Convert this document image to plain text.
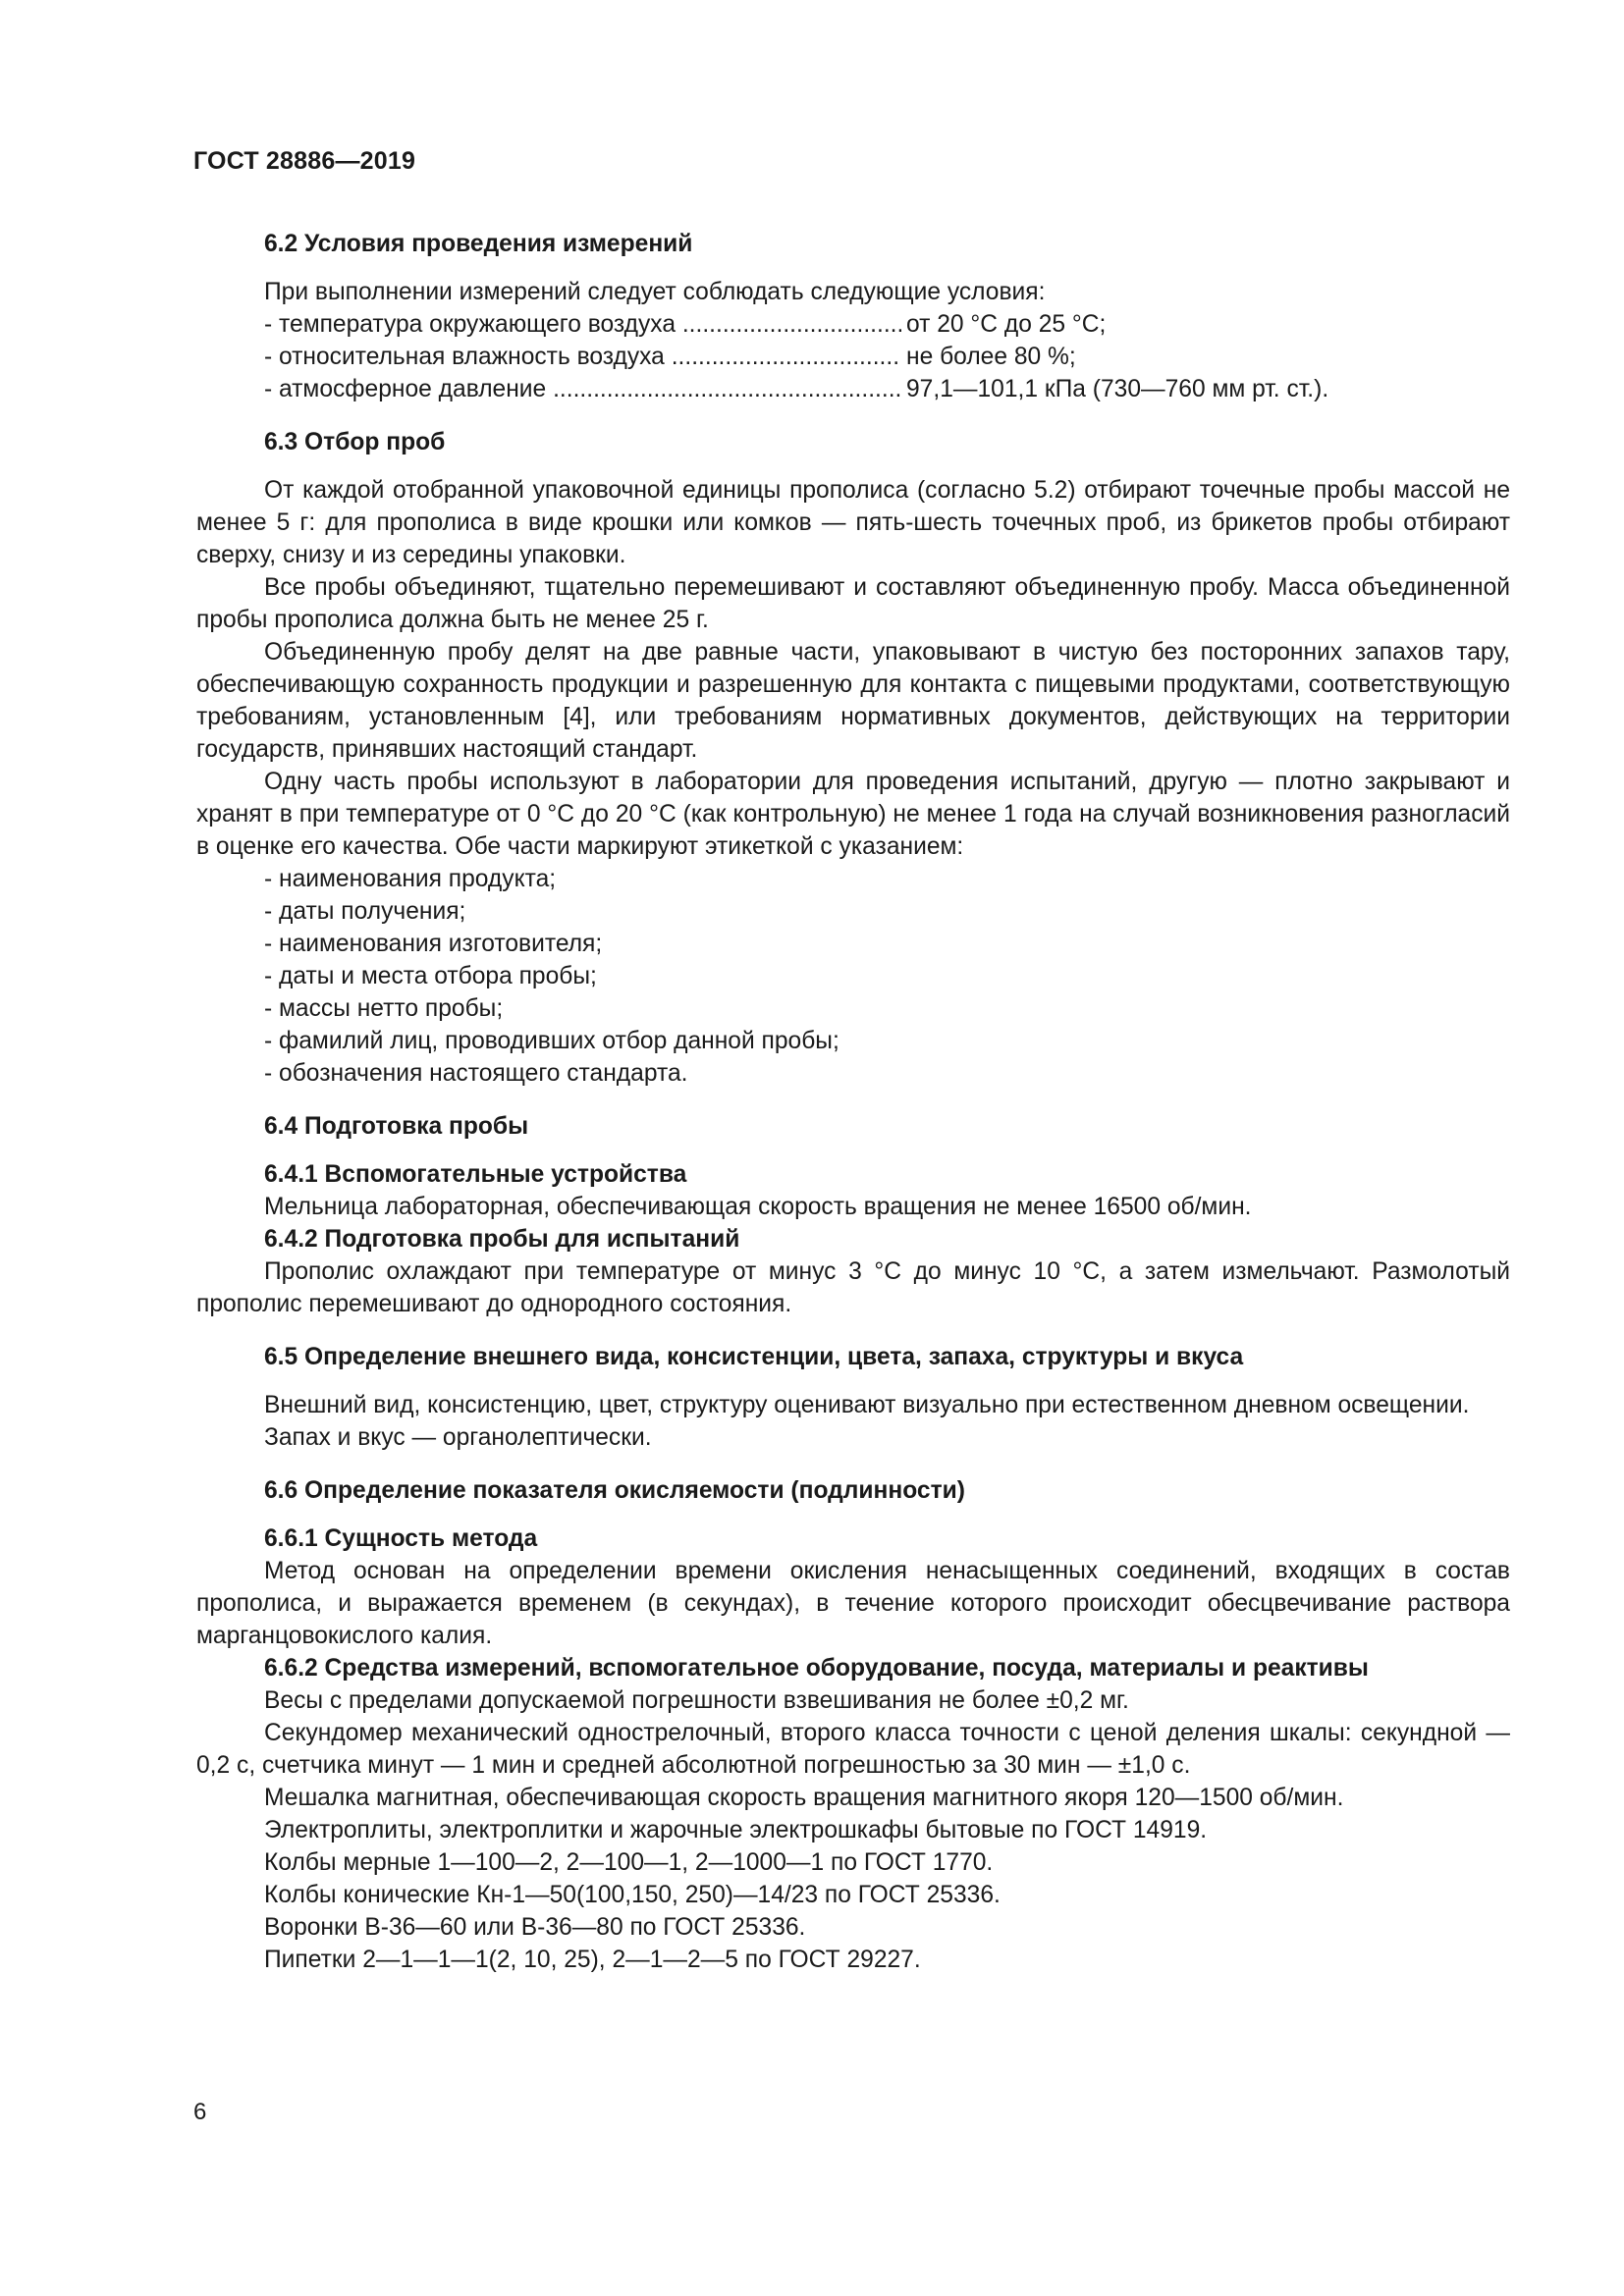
ГОСТ 28886—2019

6.2 Условия проведения измерений

При выполнении измерений следует соблюдать следующие условия:

- температура окружающего воздуха .....	от 20 °С до 25 °С;
- относительная влажность воздуха .....	не более 80 %;
- атмосферное давление .....	97,1—101,1 кПа (730—760 мм рт. ст.).

6.3 Отбор проб

От каждой отобранной упаковочной единицы прополиса (согласно 5.2) отбирают точечные пробы массой не менее 5 г: для прополиса в виде крошки или комков — пять-шесть точечных проб, из брикетов пробы отбирают сверху, снизу и из середины упаковки.

Все пробы объединяют, тщательно перемешивают и составляют объединенную пробу. Масса объединенной пробы прополиса должна быть не менее 25 г.

Объединенную пробу делят на две равные части, упаковывают в чистую без посторонних запахов тару, обеспечивающую сохранность продукции и разрешенную для контакта с пищевыми продуктами, соответствующую требованиям, установленным [4], или требованиям нормативных документов, действующих на территории государств, принявших настоящий стандарт.

Одну часть пробы используют в лаборатории для проведения испытаний, другую — плотно закрывают и хранят в при температуре от 0 °С до 20 °С (как контрольную) не менее 1 года на случай возникновения разногласий в оценке его качества. Обе части маркируют этикеткой с указанием:

- наименования продукта;

- даты получения;

- наименования изготовителя;

- даты и места отбора пробы;

- массы нетто пробы;

- фамилий лиц, проводивших отбор данной пробы;

- обозначения настоящего стандарта.

6.4 Подготовка пробы

6.4.1 Вспомогательные устройства

Мельница лабораторная, обеспечивающая скорость вращения не менее 16500 об/мин.

6.4.2 Подготовка пробы для испытаний

Прополис охлаждают при температуре от минус 3 °С до минус 10 °С, а затем измельчают. Размолотый прополис перемешивают до однородного состояния.

6.5 Определение внешнего вида, консистенции, цвета, запаха, структуры и вкуса

Внешний вид, консистенцию, цвет, структуру оценивают визуально при естественном дневном освещении.

Запах и вкус — органолептически.

6.6 Определение показателя окисляемости (подлинности)

6.6.1 Сущность метода

Метод основан на определении времени окисления ненасыщенных соединений, входящих в состав прополиса, и выражается временем (в секундах), в течение которого происходит обесцвечивание раствора марганцовокислого калия.

6.6.2 Средства измерений, вспомогательное оборудование, посуда, материалы и реактивы

Весы с пределами допускаемой погрешности взвешивания не более ±0,2 мг.

Секундомер механический однострелочный, второго класса точности с ценой деления шкалы: секундной — 0,2 с, счетчика минут — 1 мин и средней абсолютной погрешностью за 30 мин — ±1,0 с.

Мешалка магнитная, обеспечивающая скорость вращения магнитного якоря 120—1500 об/мин.

Электроплиты, электроплитки и жарочные электрошкафы бытовые по ГОСТ 14919.

Колбы мерные 1—100—2, 2—100—1, 2—1000—1 по ГОСТ 1770.

Колбы конические Кн-1—50(100,150, 250)—14/23 по ГОСТ 25336.

Воронки В-36—60 или В-36—80 по ГОСТ 25336.

Пипетки 2—1—1—1(2, 10, 25), 2—1—2—5 по ГОСТ 29227.

6
